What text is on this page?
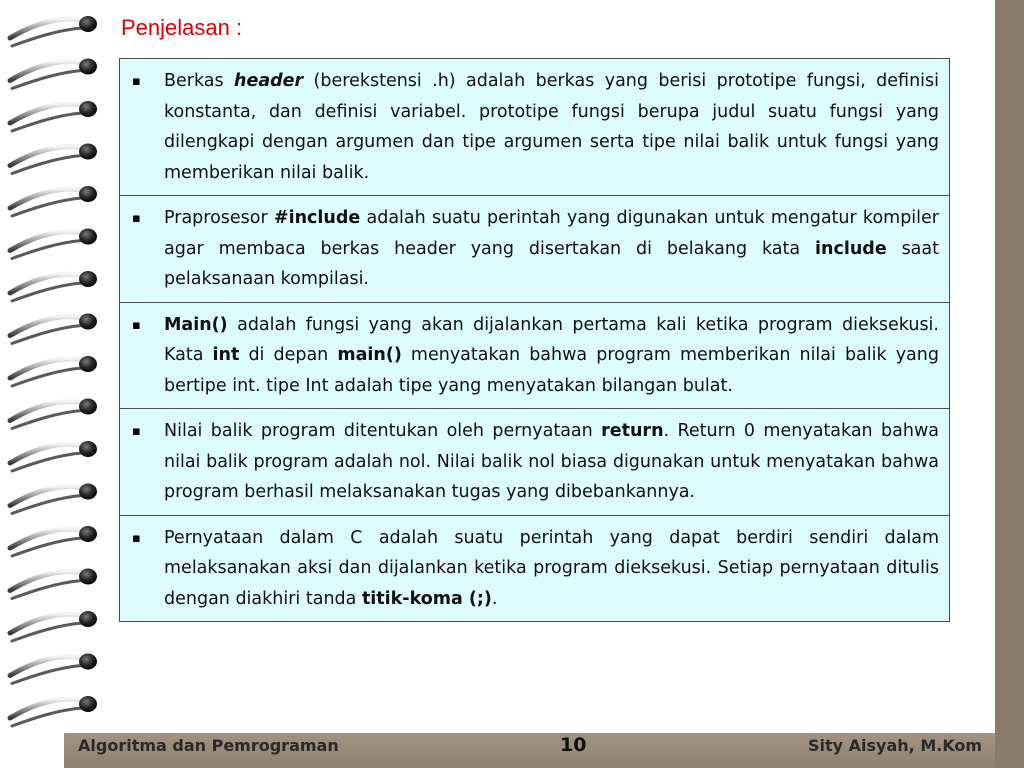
Penjelasan :
▪ Berkas header (berekstensi .h) adalah berkas yang berisi prototipe fungsi, definisi konstanta, dan definisi variabel. prototipe fungsi berupa judul suatu fungsi yang dilengkapi dengan argumen dan tipe argumen serta tipe nilai balik untuk fungsi yang memberikan nilai balik.
▪ Praprosesor #include adalah suatu perintah yang digunakan untuk mengatur kompiler agar membaca berkas header yang disertakan di belakang kata include saat pelaksanaan kompilasi.
▪ Main() adalah fungsi yang akan dijalankan pertama kali ketika program dieksekusi. Kata int di depan main() menyatakan bahwa program memberikan nilai balik yang bertipe int. tipe Int adalah tipe yang menyatakan bilangan bulat.
▪ Nilai balik program ditentukan oleh pernyataan return. Return 0 menyatakan bahwa nilai balik program adalah nol. Nilai balik nol biasa digunakan untuk menyatakan bahwa program berhasil melaksanakan tugas yang dibebankannya.
▪ Pernyataan dalam C adalah suatu perintah yang dapat berdiri sendiri dalam melaksanakan aksi dan dijalankan ketika program dieksekusi. Setiap pernyataan ditulis dengan diakhiri tanda titik-koma (;).
Algoritma dan Pemrograman	10	Sity Aisyah, M.Kom
